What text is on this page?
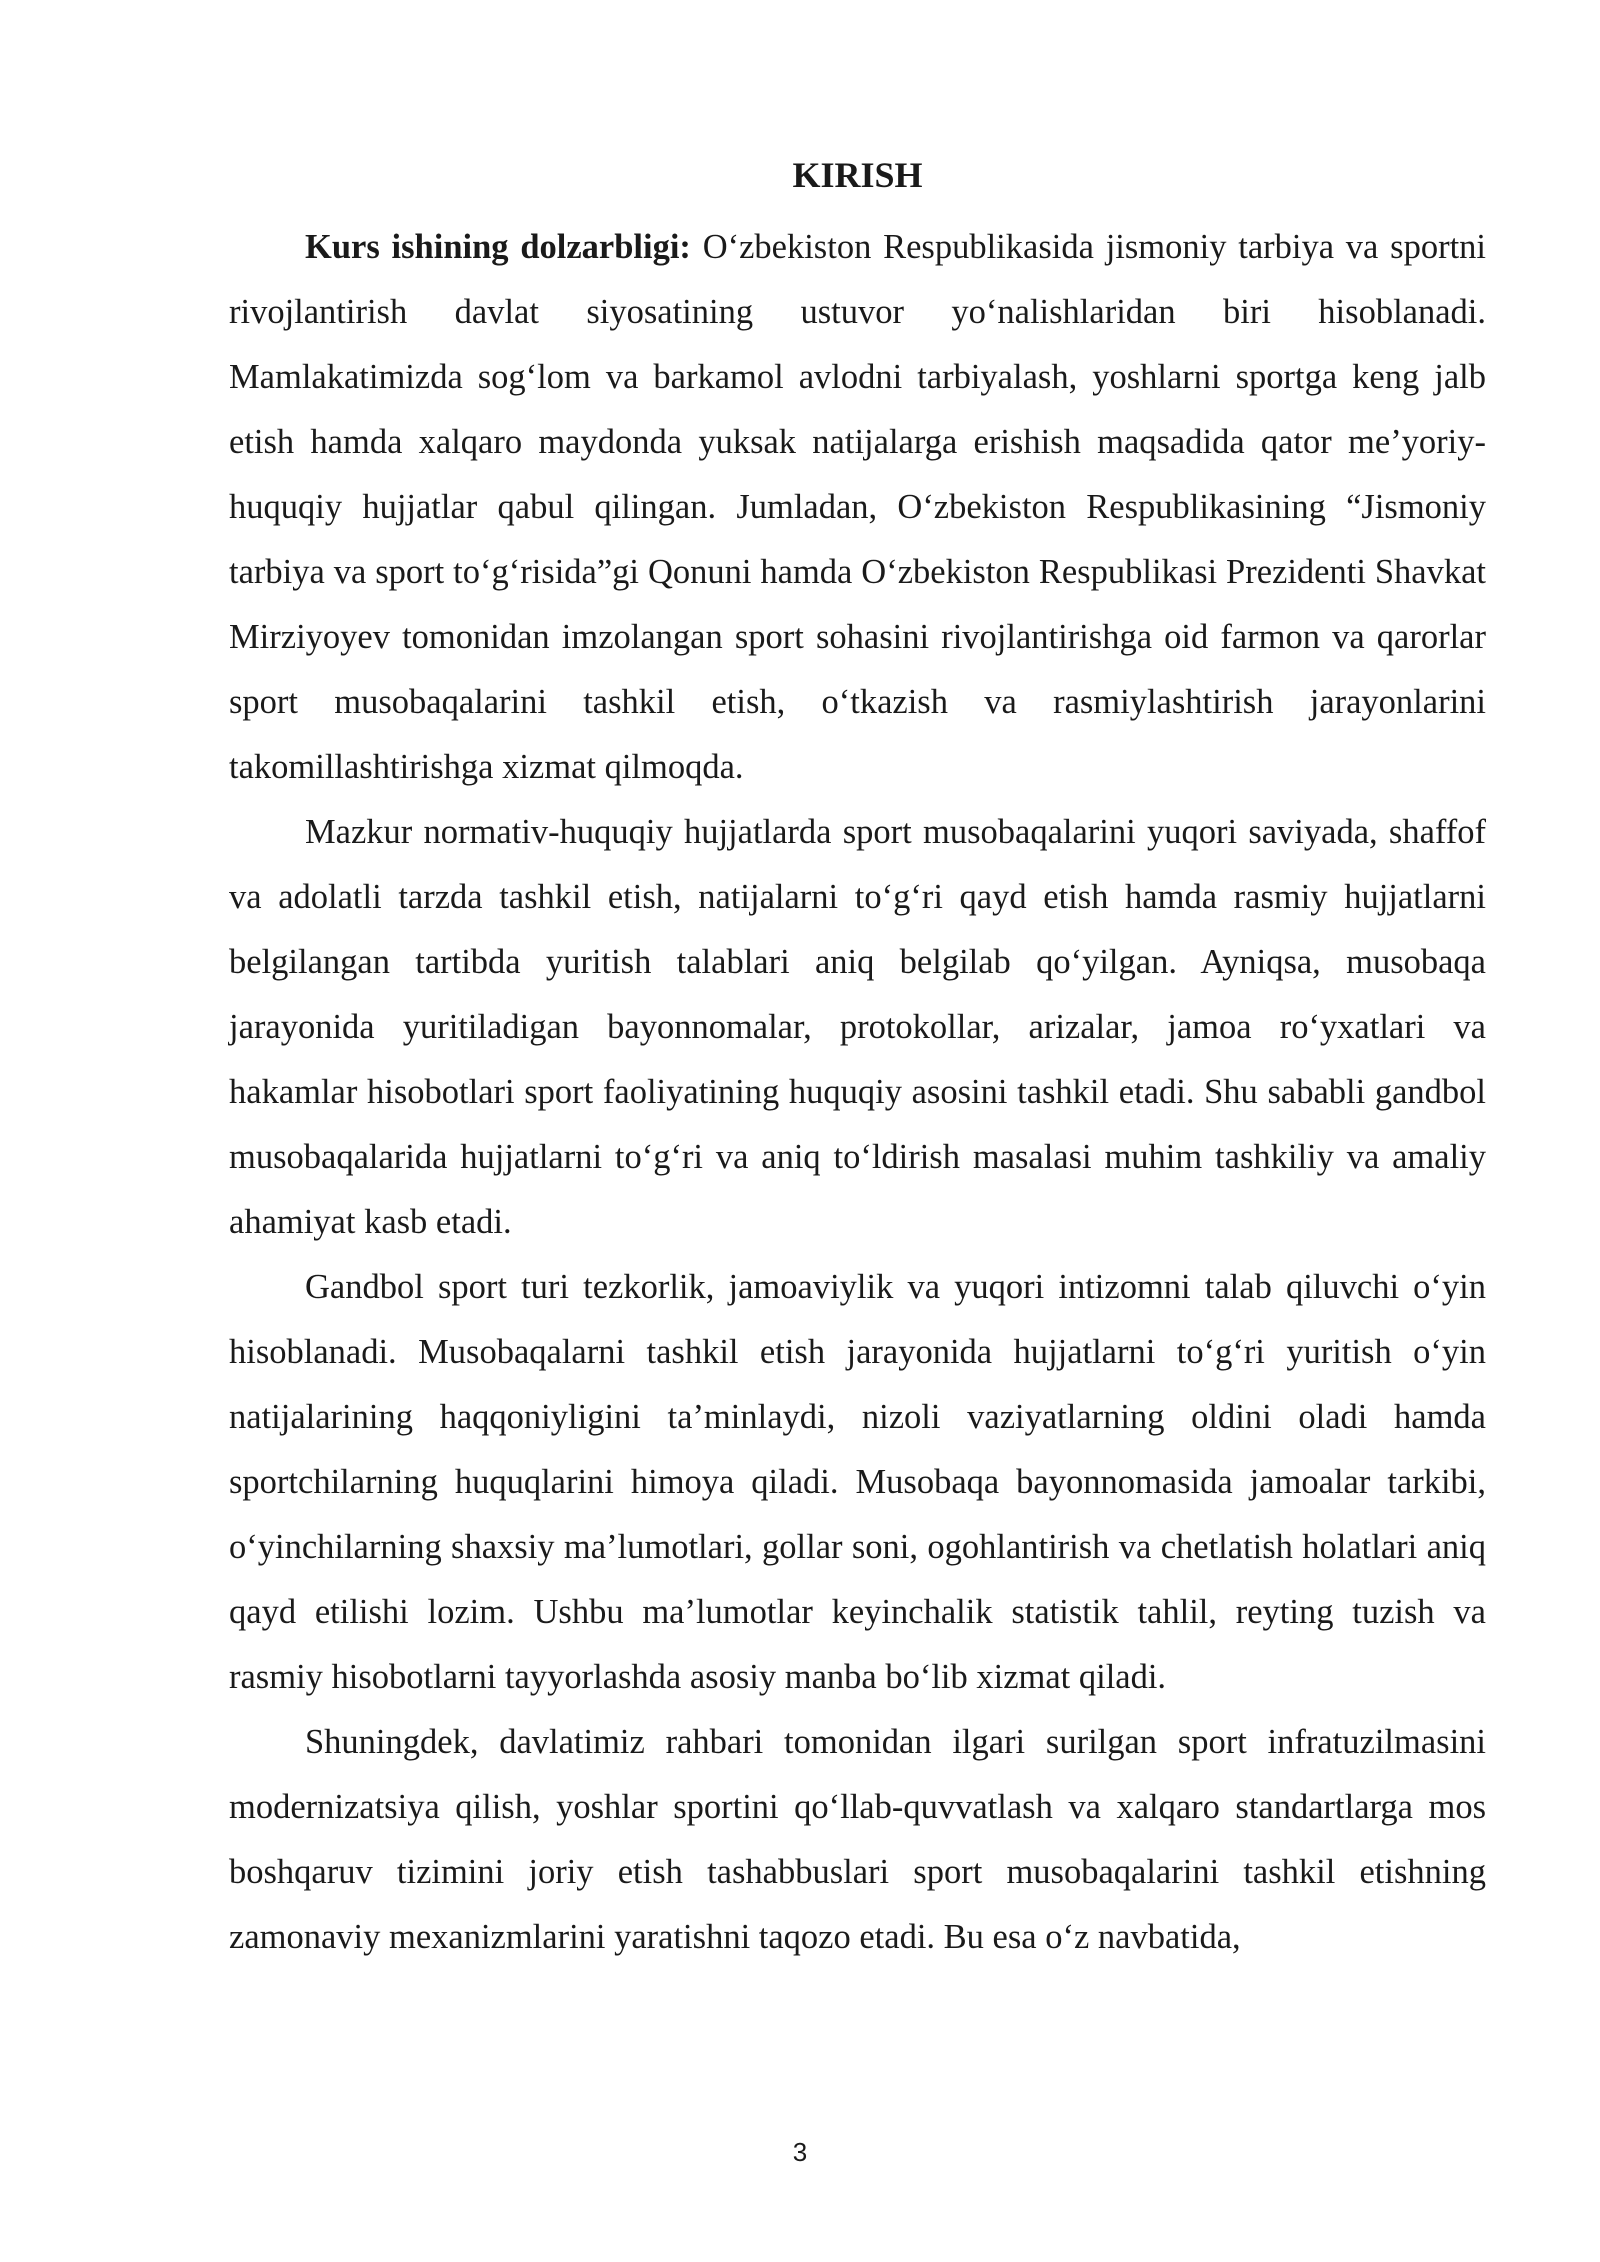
KIRISH

Kurs ishining dolzarbligi: O‘zbekiston Respublikasida jismoniy tarbiya va sportni rivojlantirish davlat siyosatining ustuvor yo‘nalishlaridan biri hisoblanadi. Mamlakatimizda sog‘lom va barkamol avlodni tarbiyalash, yoshlarni sportga keng jalb etish hamda xalqaro maydonda yuksak natijalarga erishish maqsadida qator me’yoriy-huquqiy hujjatlar qabul qilingan. Jumladan, O‘zbekiston Respublikasining “Jismoniy tarbiya va sport to‘g‘risida”gi Qonuni hamda O‘zbekiston Respublikasi Prezidenti Shavkat Mirziyoyev tomonidan imzolangan sport sohasini rivojlantirishga oid farmon va qarorlar sport musobaqalarini tashkil etish, o‘tkazish va rasmiylashtirish jarayonlarini takomillashtirishga xizmat qilmoqda.

Mazkur normativ-huquqiy hujjatlarda sport musobaqalarini yuqori saviyada, shaffof va adolatli tarzda tashkil etish, natijalarni to‘g‘ri qayd etish hamda rasmiy hujjatlarni belgilangan tartibda yuritish talablari aniq belgilab qo‘yilgan. Ayniqsa, musobaqa jarayonida yuritiladigan bayonnomalar, protokollar, arizalar, jamoa ro‘yxatlari va hakamlar hisobotlari sport faoliyatining huquqiy asosini tashkil etadi. Shu sababli gandbol musobaqalarida hujjatlarni to‘g‘ri va aniq to‘ldirish masalasi muhim tashkiliy va amaliy ahamiyat kasb etadi.

Gandbol sport turi tezkorlik, jamoaviylik va yuqori intizomni talab qiluvchi o‘yin hisoblanadi. Musobaqalarni tashkil etish jarayonida hujjatlarni to‘g‘ri yuritish o‘yin natijalarining haqqoniyligini ta’minlaydi, nizoli vaziyatlarning oldini oladi hamda sportchilarning huquqlarini himoya qiladi. Musobaqa bayonnomasida jamoalar tarkibi, o‘yinchilarning shaxsiy ma’lumotlari, gollar soni, ogohlantirish va chetlatish holatlari aniq qayd etilishi lozim. Ushbu ma’lumotlar keyinchalik statistik tahlil, reyting tuzish va rasmiy hisobotlarni tayyorlashda asosiy manba bo‘lib xizmat qiladi.

Shuningdek, davlatimiz rahbari tomonidan ilgari surilgan sport infratuzilmasini modernizatsiya qilish, yoshlar sportini qo‘llab-quvvatlash va xalqaro standartlarga mos boshqaruv tizimini joriy etish tashabbuslari sport musobaqalarini tashkil etishning zamonaviy mexanizmlarini yaratishni taqozo etadi. Bu esa o‘z navbatida,

3
